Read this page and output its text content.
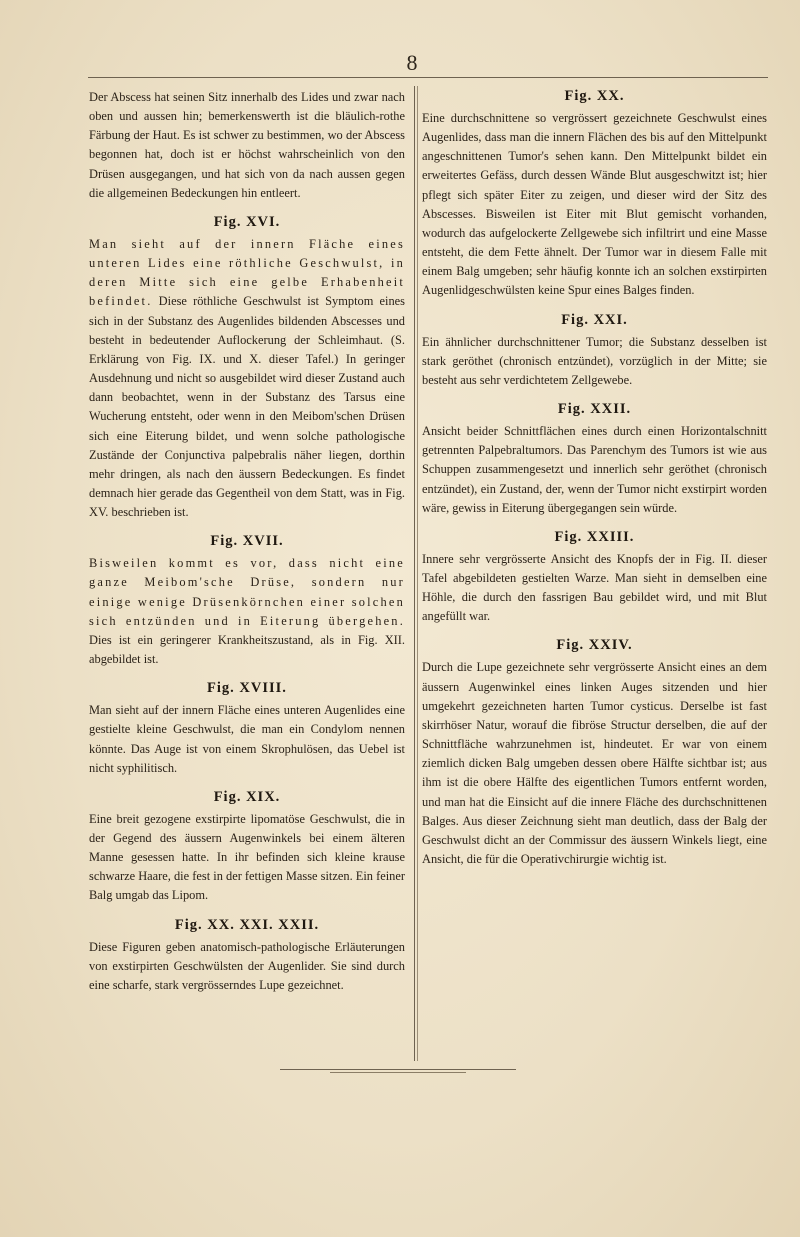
8

Der Abscess hat seinen Sitz innerhalb des Lides und zwar nach oben und aussen hin; bemerkenswerth ist die bläulich-rothe Färbung der Haut. Es ist schwer zu bestimmen, wo der Abscess begonnen hat, doch ist er höchst wahrscheinlich von den Drüsen ausgegangen, und hat sich von da nach aussen gegen die allgemeinen Bedeckungen hin entleert.

Fig. XVI.

Man sieht auf der innern Fläche eines unteren Lides eine röthliche Geschwulst, in deren Mitte sich eine gelbe Erhabenheit befindet. Diese röthliche Geschwulst ist Symptom eines sich in der Substanz des Augenlides bildenden Abscesses und besteht in bedeutender Auflockerung der Schleimhaut. (S. Erklärung von Fig. IX. und X. dieser Tafel.) In geringer Ausdehnung und nicht so ausgebildet wird dieser Zustand auch dann beobachtet, wenn in der Substanz des Tarsus eine Wucherung entsteht, oder wenn in den Meibom'schen Drüsen sich eine Eiterung bildet, und wenn solche pathologische Zustände der Conjunctiva palpebralis näher liegen, dorthin mehr dringen, als nach den äussern Bedeckungen. Es findet demnach hier gerade das Gegentheil von dem Statt, was in Fig. XV. beschrieben ist.

Fig. XVII.

Bisweilen kommt es vor, dass nicht eine ganze Meibom'sche Drüse, sondern nur einige wenige Drüsenkörnchen einer solchen sich entzünden und in Eiterung übergehen. Dies ist ein geringerer Krankheitszustand, als in Fig. XII. abgebildet ist.

Fig. XVIII.

Man sieht auf der innern Fläche eines unteren Augenlides eine gestielte kleine Geschwulst, die man ein Condylom nennen könnte. Das Auge ist von einem Skrophulösen, das Uebel ist nicht syphilitisch.

Fig. XIX.

Eine breit gezogene exstirpirte lipomatöse Geschwulst, die in der Gegend des äussern Augenwinkels bei einem älteren Manne gesessen hatte. In ihr befinden sich kleine krause schwarze Haare, die fest in der fettigen Masse sitzen. Ein feiner Balg umgab das Lipom.

Fig. XX. XXI. XXII.

Diese Figuren geben anatomisch-pathologische Erläuterungen von exstirpirten Geschwülsten der Augenlider. Sie sind durch eine scharfe, stark vergrösserndes Lupe gezeichnet.

Fig. XX.

Eine durchschnittene so vergrössert gezeichnete Geschwulst eines Augenlides, dass man die innern Flächen des bis auf den Mittelpunkt angeschnittenen Tumor's sehen kann. Den Mittelpunkt bildet ein erweitertes Gefäss, durch dessen Wände Blut ausgeschwitzt ist; hier pflegt sich später Eiter zu zeigen, und dieser wird der Sitz des Abscesses. Bisweilen ist Eiter mit Blut gemischt vorhanden, wodurch das aufgelockerte Zellgewebe sich infiltrirt und eine Masse entsteht, die dem Fette ähnelt. Der Tumor war in diesem Falle mit einem Balg umgeben; sehr häufig konnte ich an solchen exstirpirten Augenlidgeschwülsten keine Spur eines Balges finden.

Fig. XXI.

Ein ähnlicher durchschnittener Tumor; die Substanz desselben ist stark geröthet (chronisch entzündet), vorzüglich in der Mitte; sie besteht aus sehr verdichtetem Zellgewebe.

Fig. XXII.

Ansicht beider Schnittflächen eines durch einen Horizontalschnitt getrennten Palpebraltumors. Das Parenchym des Tumors ist wie aus Schuppen zusammengesetzt und innerlich sehr geröthet (chronisch entzündet), ein Zustand, der, wenn der Tumor nicht exstirpirt worden wäre, gewiss in Eiterung übergegangen sein würde.

Fig. XXIII.

Innere sehr vergrösserte Ansicht des Knopfs der in Fig. II. dieser Tafel abgebildeten gestielten Warze. Man sieht in demselben eine Höhle, die durch den fassrigen Bau gebildet wird, und mit Blut angefüllt war.

Fig. XXIV.

Durch die Lupe gezeichnete sehr vergrösserte Ansicht eines an dem äussern Augenwinkel eines linken Auges sitzenden und hier umgekehrt gezeichneten harten Tumor cysticus. Derselbe ist fast skirrhöser Natur, worauf die fibröse Structur derselben, die auf der Schnittfläche wahrzunehmen ist, hindeutet. Er war von einem ziemlich dicken Balg umgeben dessen obere Hälfte sichtbar ist; aus ihm ist die obere Hälfte des eigentlichen Tumors entfernt worden, und man hat die Einsicht auf die innere Fläche des durchschnittenen Balges. Aus dieser Zeichnung sieht man deutlich, dass der Balg der Geschwulst dicht an der Commissur des äussern Winkels liegt, eine Ansicht, die für die Operativchirurgie wichtig ist.
